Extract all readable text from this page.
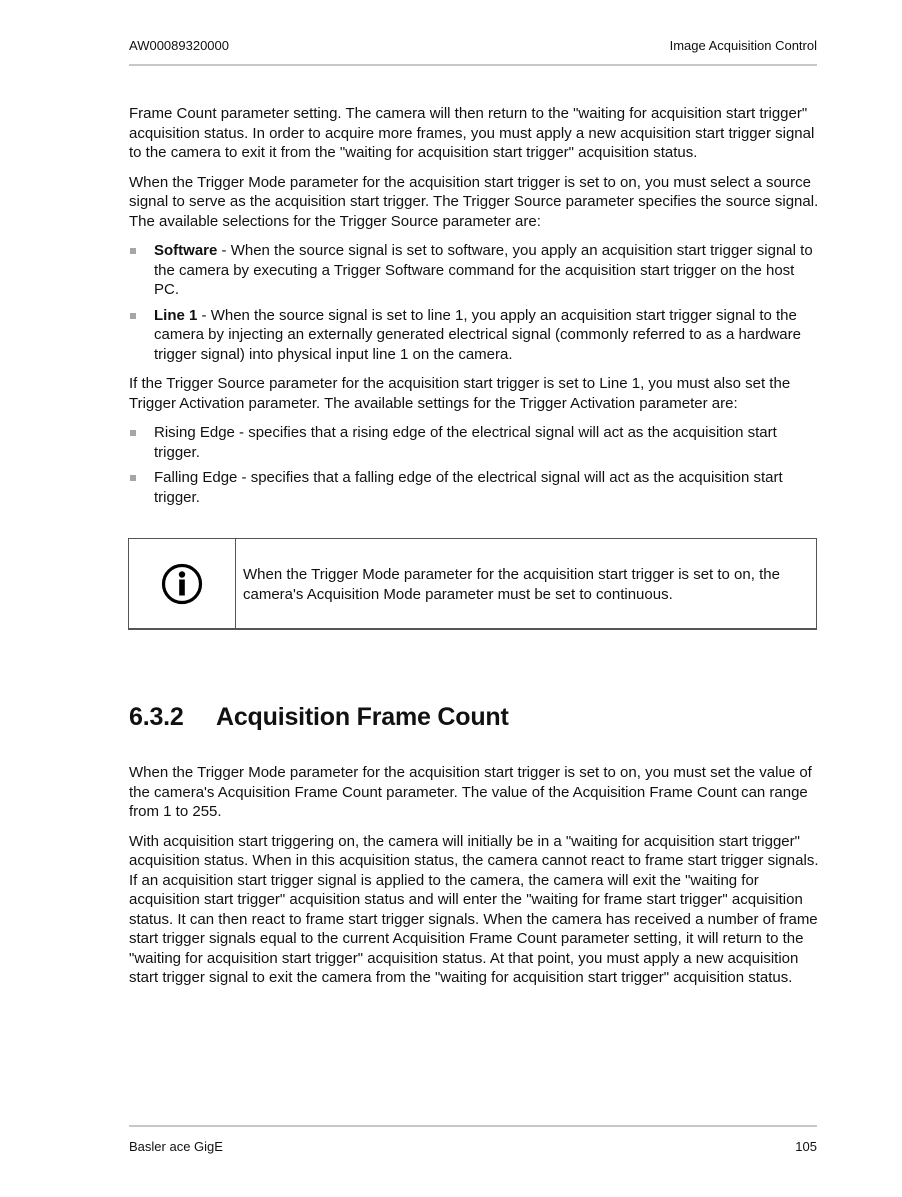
AW00089320000	Image Acquisition Control

Frame Count parameter setting. The camera will then return to the "waiting for acquisition start trigger" acquisition status. In order to acquire more frames, you must apply a new acquisition start trigger signal to the camera to exit it from the "waiting for acquisition start trigger" acquisition status.

When the Trigger Mode parameter for the acquisition start trigger is set to on, you must select a source signal to serve as the acquisition start trigger. The Trigger Source parameter specifies the source signal. The available selections for the Trigger Source parameter are:

Software - When the source signal is set to software, you apply an acquisition start trigger signal to the camera by executing a Trigger Software command for the acquisition start trigger on the host PC.
Line 1 - When the source signal is set to line 1, you apply an acquisition start trigger signal to the camera by injecting an externally generated electrical signal (commonly referred to as a hardware trigger signal) into physical input line 1 on the camera.

If the Trigger Source parameter for the acquisition start trigger is set to Line 1, you must also set the Trigger Activation parameter. The available settings for the Trigger Activation parameter are:

Rising Edge - specifies that a rising edge of the electrical signal will act as the acquisition start trigger.
Falling Edge - specifies that a falling edge of the electrical signal will act as the acquisition start trigger.
When the Trigger Mode parameter for the acquisition start trigger is set to on, the camera's Acquisition Mode parameter must be set to continuous.
6.3.2 Acquisition Frame Count

When the Trigger Mode parameter for the acquisition start trigger is set to on, you must set the value of the camera's Acquisition Frame Count parameter. The value of the Acquisition Frame Count can range from 1 to 255.

With acquisition start triggering on, the camera will initially be in a "waiting for acquisition start trigger" acquisition status. When in this acquisition status, the camera cannot react to frame start trigger signals. If an acquisition start trigger signal is applied to the camera, the camera will exit the "waiting for acquisition start trigger" acquisition status and will enter the "waiting for frame start trigger" acquisition status. It can then react to frame start trigger signals. When the camera has received a number of frame start trigger signals equal to the current Acquisition Frame Count parameter setting, it will return to the "waiting for acquisition start trigger" acquisition status. At that point, you must apply a new acquisition start trigger signal to exit the camera from the "waiting for acquisition start trigger" acquisition status.

Basler ace GigE	105
